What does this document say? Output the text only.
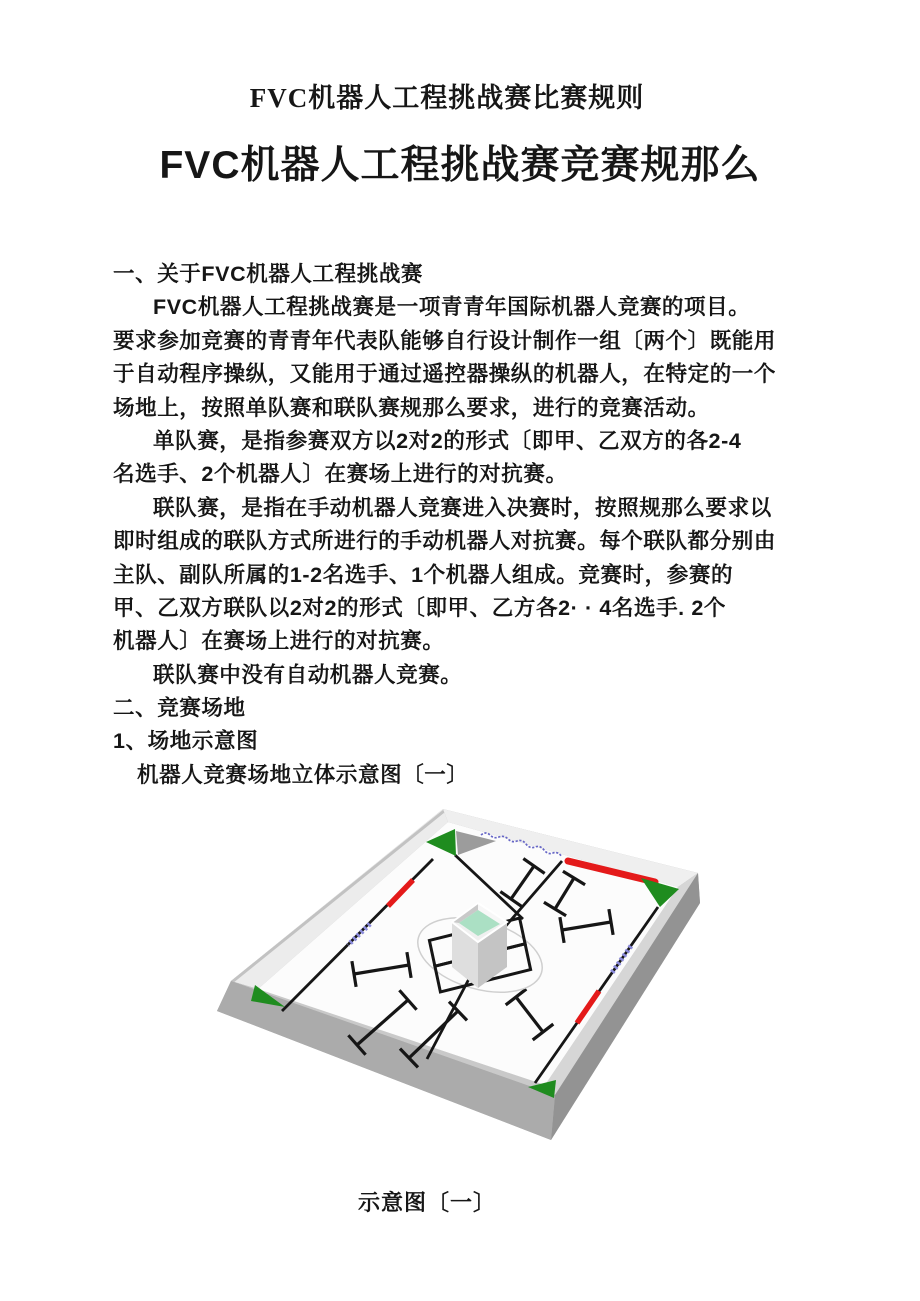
FVC机器人工程挑战赛比赛规则
FVC机器人工程挑战赛竞赛规那么
一、关于FVC机器人工程挑战赛
FVC机器人工程挑战赛是一项青青年国际机器人竞赛的项目。
要求参加竞赛的青青年代表队能够自行设计制作一组〔两个〕既能用
于自动程序操纵，又能用于通过遥控器操纵的机器人，在特定的一个
场地上，按照单队赛和联队赛规那么要求，进行的竞赛活动。
单队赛，是指参赛双方以2对2的形式〔即甲、乙双方的各2-4
名选手、2个机器人〕在赛场上进行的对抗赛。
联队赛，是指在手动机器人竞赛进入决赛时，按照规那么要求以
即时组成的联队方式所进行的手动机器人对抗赛。每个联队都分别由
主队、副队所属的1-2名选手、1个机器人组成。竞赛时，参赛的
甲、乙双方联队以2对2的形式〔即甲、乙方各2· · 4名选手. 2个
机器人〕在赛场上进行的对抗赛。
联队赛中没有自动机器人竞赛。
二、竞赛场地
1、场地示意图
机器人竞赛场地立体示意图〔一〕
示意图〔一〕
